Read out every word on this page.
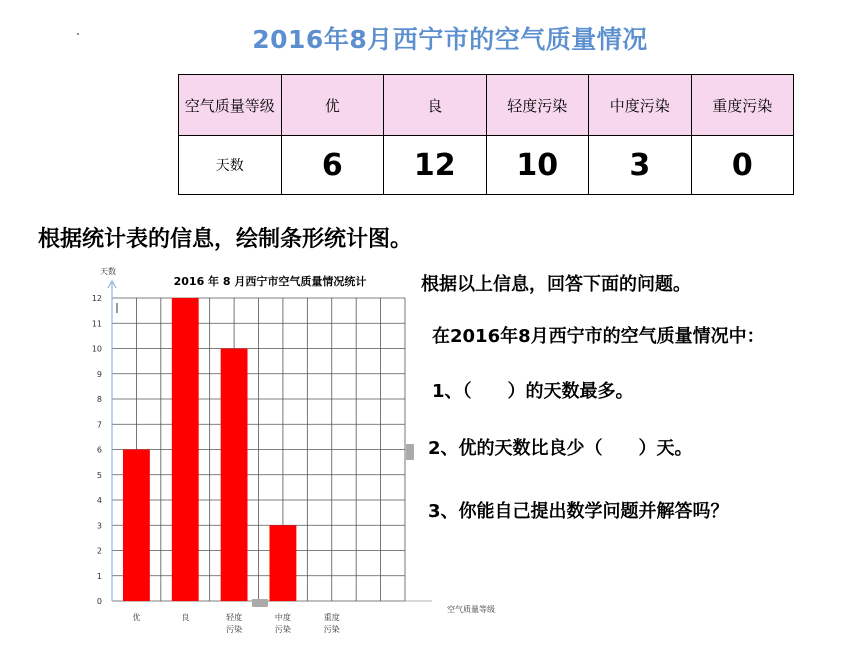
2016年8月西宁市的空气质量情况
空气质量等级	优	良	轻度污染	中度污染	重度污染
天数	6	12	10	3	0
根据统计表的信息，绘制条形统计图。
根据以上信息，回答下面的问题。
在2016年8月西宁市的空气质量情况中：
1、（　　）的天数最多。
2、优的天数比良少（　　）天。
3、你能自己提出数学问题并解答吗？
0
1
2
3
4
5
6
7
8
9
10
11
12
优	良	轻度
污染
中度
污染
重度
污染
2016 年 8 月西宁市空气质量情况统计
天数
空气质量等级
